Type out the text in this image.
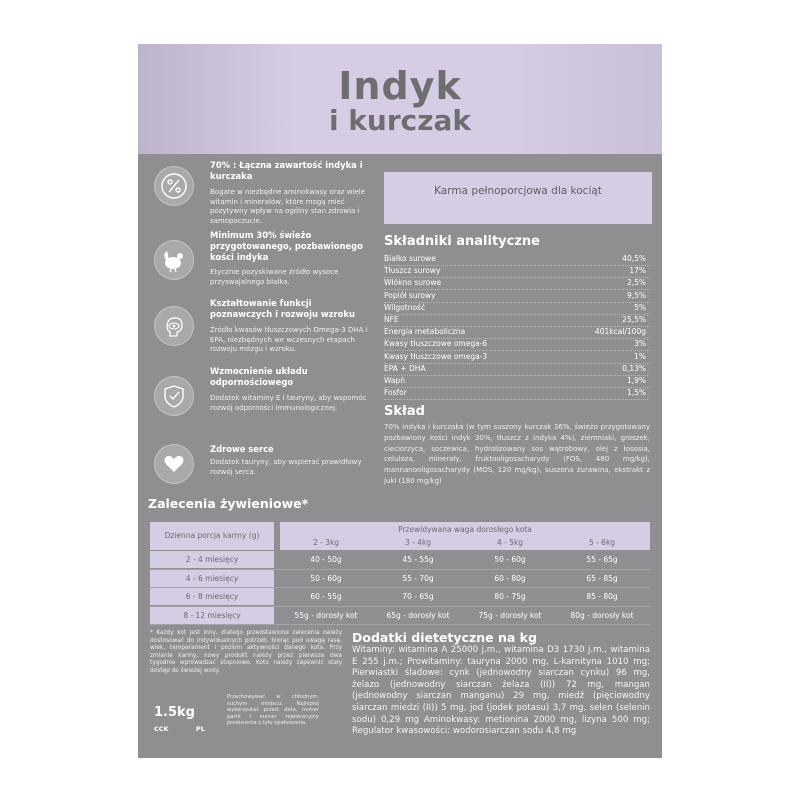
Indyk
i kurczak
70% : Łączna zawartość indyka i kurczaka
Bogate w niezbędne aminokwasy oraz wiele witamin i minerałów, które mogą mieć pozytywny wpływ na ogólny stan zdrowia i samopoczucie.
Minimum 30% świeżo przygotowanego, pozbawionego kości indyka
Etycznie pozyskiwane źródło wysoce przyswajalnego białka.
Kształtowanie funkcji poznawczych i rozwoju wzroku
Źródło kwasów tłuszczowych Omega-3 DHA i EPA, niezbędnych we wczesnych etapach rozwoju mózgu i wzroku.
Wzmocnienie układu odpornościowego
Dodatek witaminy E i tauryny, aby wspomóc rozwój odporności immunologicznej.
Zdrowe serce
Dodatek tauryny, aby wspierać prawidłowy rozwój serca.
Karma pełnoporcjowa dla kociąt
Składniki analityczne
Białko surowe	40,5%
Tłuszcz surowy	17%
Włókno surowe	2,5%
Popiół surowy	9,5%
Wilgotność	5%
NFE	25,5%
Energia metaboliczna	401kcal/100g
Kwasy tłuszczowe omega-6	3%
Kwasy tłuszczowe omega-3	1%
EPA + DHA	0,13%
Wapń	1,9%
Fosfor	1,5%
Skład
70% indyka i kurczaka (w tym suszony kurczak 36%, świeżo przygotowany pozbawiony kości indyk 30%, tłuszcz z indyka 4%), ziemniaki, groszek, cieciorzyca, soczewica, hydrolizowany sos wątrobowy, olej z łososia, celuloza, minerały, fruktooligosacharydy (FOS, 480 mg/kg), mannanooligosacharydy (MOS, 120 mg/kg), suszona żurawina, ekstrakt z juki (180 mg/kg)
Zalecenia żywieniowe*
Dzienna porcja karmy (g)
Przewidywana waga dorosłego kota
2 - 3kg	3 - 4kg	4 - 5kg	5 - 6kg
2 - 4 miesięcy	40 - 50g	45 - 55g	50 - 60g	55 - 65g
4 - 6 miesięcy	50 - 60g	55 - 70g	60 - 80g	65 - 85g
6 - 8 miesięcy	60 - 55g	70 - 65g	80 - 75g	85 - 80g
8 - 12 miesięcy	55g - dorosły kot	65g - dorosły kot	75g - dorosły kot	80g - dorosły kot
* Każdy kot jest inny, dlatego przedstawione zalecenia należy dostosować do indywidualnych potrzeb, biorąc pod uwagę rasę, wiek, temperament i poziom aktywności danego kota. Przy zmianie karmy, nowy produkt należy przez pierwsze dwa tygodnie wprowadzać stopniowo. Kotu należy zapewnić stały dostęp do świeżej wody.
1.5kg
CCK	PL
Przechowywać w chłodnym, suchym miejscu. Najlepiej wykorzystać przed: data, numer partii i numer rejestracyjny producenta z tyłu opakowania.
Dodatki dietetyczne na kg
Witaminy: witamina A 25000 j.m., witamina D3 1730 j.m., witamina E 255 j.m.; Prowitaminy: tauryna 2000 mg, L-karnityna 1010 mg; Pierwiastki śladowe: cynk (jednowodny siarczan cynku) 96 mg, żelazo (jednowodny siarczan żelaza (II)) 72 mg, mangan (jednowodny siarczan manganu) 29 mg, miedź (pięciowodny siarczan miedzi (II)) 5 mg, jod (jodek potasu) 3,7 mg, selen (selenin sodu) 0,29 mg Aminokwasy: metionina 2000 mg, lizyna 500 mg; Regulator kwasowości: wodorosiarczan sodu 4,8 mg
